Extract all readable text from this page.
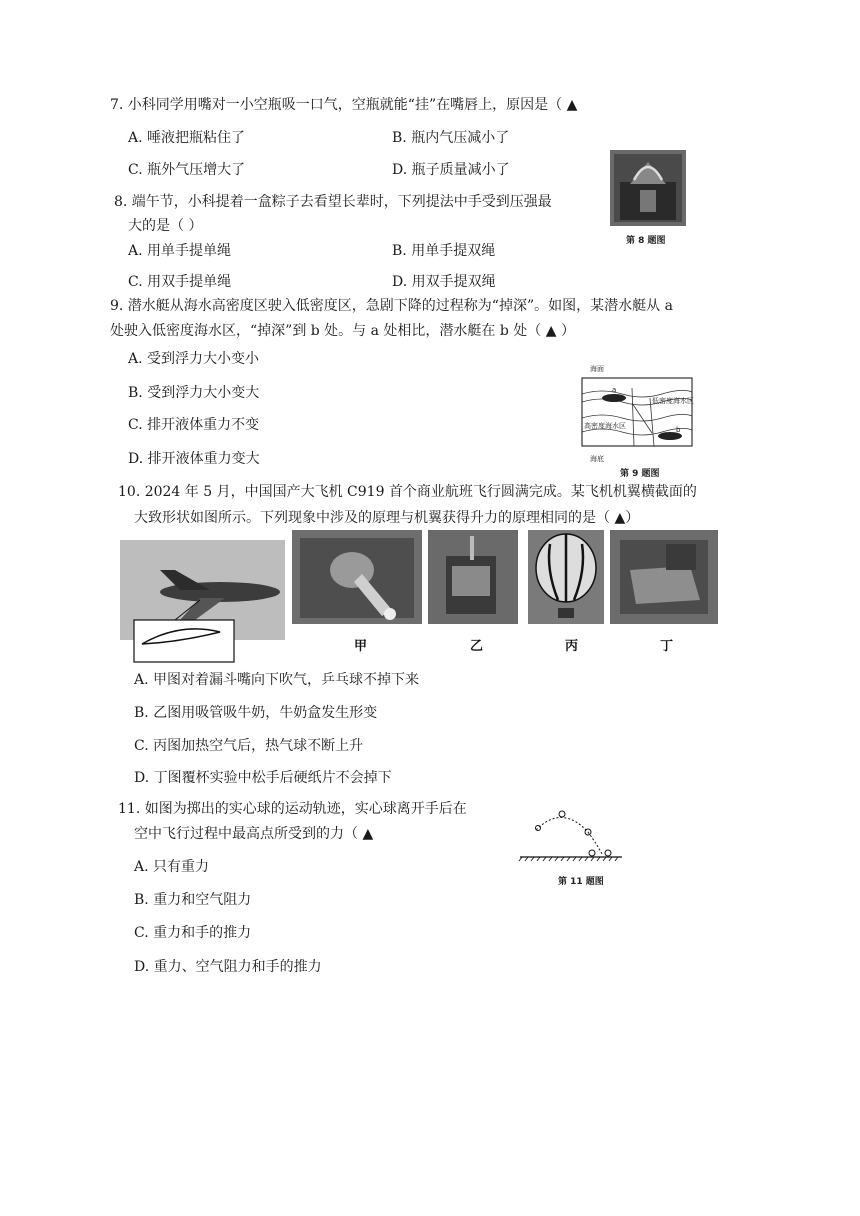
7. 小科同学用嘴对一小空瓶吸一口气，空瓶就能“挂”在嘴唇上，原因是（ ▲
A. 唾液把瓶粘住了	B. 瓶内气压减小了
C. 瓶外气压增大了	D. 瓶子质量减小了
第 8 题图
8. 端午节，小科提着一盒粽子去看望长辈时，下列提法中手受到压强最
大的是（ ）
A. 用单手提单绳	B. 用单手提双绳
C. 用双手提单绳	D. 用双手提双绳
9. 潜水艇从海水高密度区驶入低密度区，急剧下降的过程称为“掉深”。如图，某潜水艇从 a
处驶入低密度海水区，“掉深”到 b 处。与 a 处相比，潜水艇在 b 处（ ▲ ）
A. 受到浮力大小变小
B. 受到浮力大小变大
C. 排开液体重力不变
D. 排开液体重力变大
海面
低密度海水区
高密度海水区
海底
a
b
第 9 题图
10. 2024 年 5 月，中国国产大飞机 C919 首个商业航班飞行圆满完成。某飞机机翼横截面的
大致形状如图所示。下列现象中涉及的原理与机翼获得升力的原理相同的是（ ▲）
甲	乙	丙	丁
A. 甲图对着漏斗嘴向下吹气，乒乓球不掉下来
B. 乙图用吸管吸牛奶，牛奶盒发生形变
C. 丙图加热空气后，热气球不断上升
D. 丁图覆杯实验中松手后硬纸片不会掉下
11. 如图为掷出的实心球的运动轨迹，实心球离开手后在
空中飞行过程中最高点所受到的力（ ▲
A. 只有重力
B. 重力和空气阻力
C. 重力和手的推力
D. 重力、空气阻力和手的推力
第 11 题图
